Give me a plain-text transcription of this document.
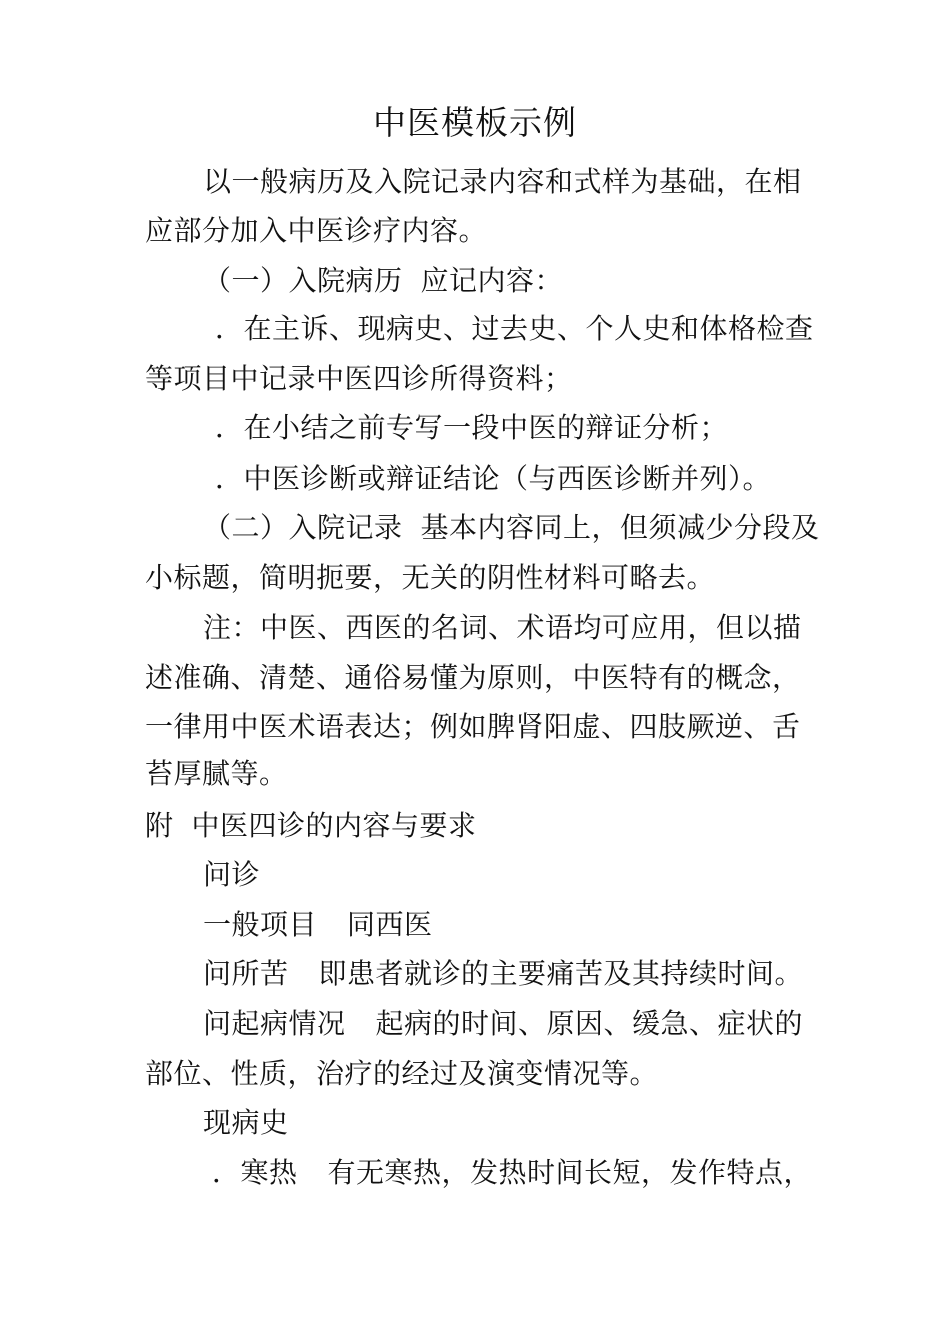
中医模板示例
以一般病历及入院记录内容和式样为基础，在相
应部分加入中医诊疗内容。
（一）入院病历 应记内容：
．在主诉、现病史、过去史、个人史和体格检查
等项目中记录中医四诊所得资料；
．在小结之前专写一段中医的辩证分析；
．中医诊断或辩证结论（与西医诊断并列）。
（二）入院记录 基本内容同上，但须减少分段及
小标题，简明扼要，无关的阴性材料可略去。
注：中医、西医的名词、术语均可应用，但以描
述准确、清楚、通俗易懂为原则，中医特有的概念，
一律用中医术语表达；例如脾肾阳虚、四肢厥逆、舌
苔厚腻等。
附 中医四诊的内容与要求
问诊
一般项目 同西医
问所苦 即患者就诊的主要痛苦及其持续时间。
问起病情况 起病的时间、原因、缓急、症状的
部位、性质，治疗的经过及演变情况等。
现病史
．寒热 有无寒热，发热时间长短，发作特点，
